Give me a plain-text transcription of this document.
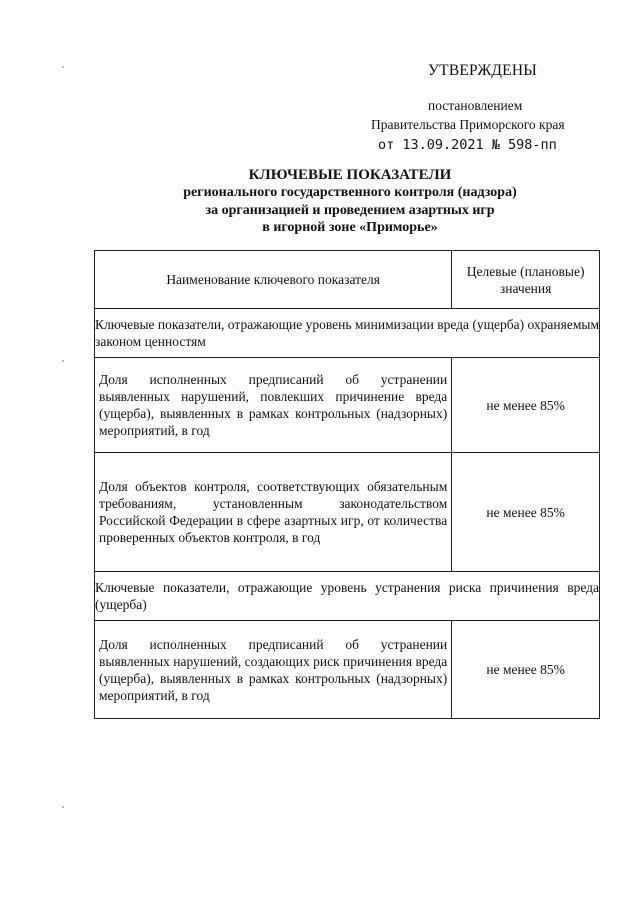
УТВЕРЖДЕНЫ
постановлением
Правительства Приморского края
от 13.09.2021 № 598-пп
КЛЮЧЕВЫЕ ПОКАЗАТЕЛИ
регионального государственного контроля (надзора)
за организацией и проведением азартных игр
в игорной зоне «Приморье»
Наименование ключевого показателя	Целевые (плановые) значения
Ключевые показатели, отражающие уровень минимизации вреда (ущерба) охраняемым законом ценностям	
Доля исполненных предписаний об устранении выявленных нарушений, повлекших причинение вреда (ущерба), выявленных в рамках контрольных (надзорных) мероприятий, в год	не менее 85%
Доля объектов контроля, соответствующих обязательным требованиям, установленным законодательством Российской Федерации в сфере азартных игр, от количества проверенных объектов контроля, в год	не менее 85%
Ключевые показатели, отражающие уровень устранения риска причинения вреда (ущерба)	
Доля исполненных предписаний об устранении выявленных нарушений, создающих риск причинения вреда (ущерба), выявленных в рамках контрольных (надзорных) мероприятий, в год	не менее 85%
